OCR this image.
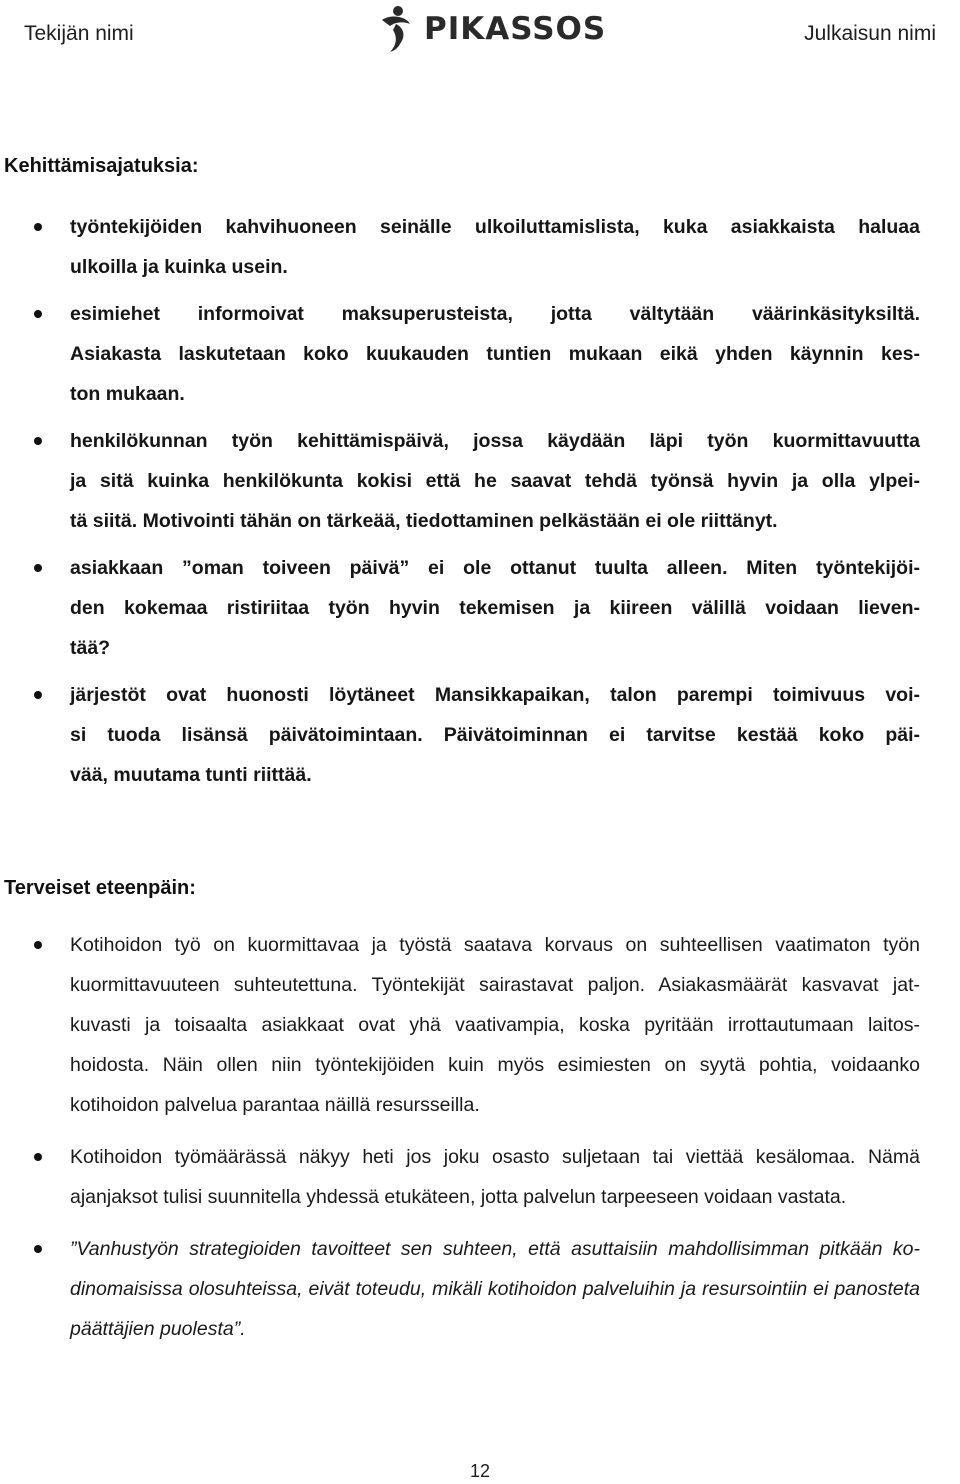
Tekijän nimi	PIKASSOS	Julkaisun nimi
Kehittämisajatuksia:
työntekijöiden kahvihuoneen seinälle ulkoiluttamislista, kuka asiakkaista haluaa
ulkoilla ja kuinka usein.
esimiehet informoivat maksuperusteista, jotta vältytään väärinkäsityksiltä.
Asiakasta laskutetaan koko kuukauden tuntien mukaan eikä yhden käynnin kes-
ton mukaan.
henkilökunnan työn kehittämispäivä, jossa käydään läpi työn kuormittavuutta
ja sitä kuinka henkilökunta kokisi että he saavat tehdä työnsä hyvin ja olla ylpei-
tä siitä. Motivointi tähän on tärkeää, tiedottaminen pelkästään ei ole riittänyt.
asiakkaan ”oman toiveen päivä” ei ole ottanut tuulta alleen. Miten työntekijöi-
den kokemaa ristiriitaa työn hyvin tekemisen ja kiireen välillä voidaan lieven-
tää?
järjestöt ovat huonosti löytäneet Mansikkapaikan, talon parempi toimivuus voi-
si tuoda lisänsä päivätoimintaan. Päivätoiminnan ei tarvitse kestää koko päi-
vää, muutama tunti riittää.
Terveiset eteenpäin:
Kotihoidon työ on kuormittavaa ja työstä saatava korvaus on suhteellisen vaatimaton työn
kuormittavuuteen suhteutettuna. Työntekijät sairastavat paljon. Asiakasmäärät kasvavat jat-
kuvasti ja toisaalta asiakkaat ovat yhä vaativampia, koska pyritään irrottautumaan laitos-
hoidosta. Näin ollen niin työntekijöiden kuin myös esimiesten on syytä pohtia, voidaanko
kotihoidon palvelua parantaa näillä resursseilla.
Kotihoidon työmäärässä näkyy heti jos joku osasto suljetaan tai viettää kesälomaa. Nämä
ajanjaksot tulisi suunnitella yhdessä etukäteen, jotta palvelun tarpeeseen voidaan vastata.
”Vanhustyön strategioiden tavoitteet sen suhteen, että asuttaisiin mahdollisimman pitkään ko-
dinomaisissa olosuhteissa, eivät toteudu, mikäli kotihoidon palveluihin ja resursointiin ei panosteta
päättäjien puolesta”.
12
